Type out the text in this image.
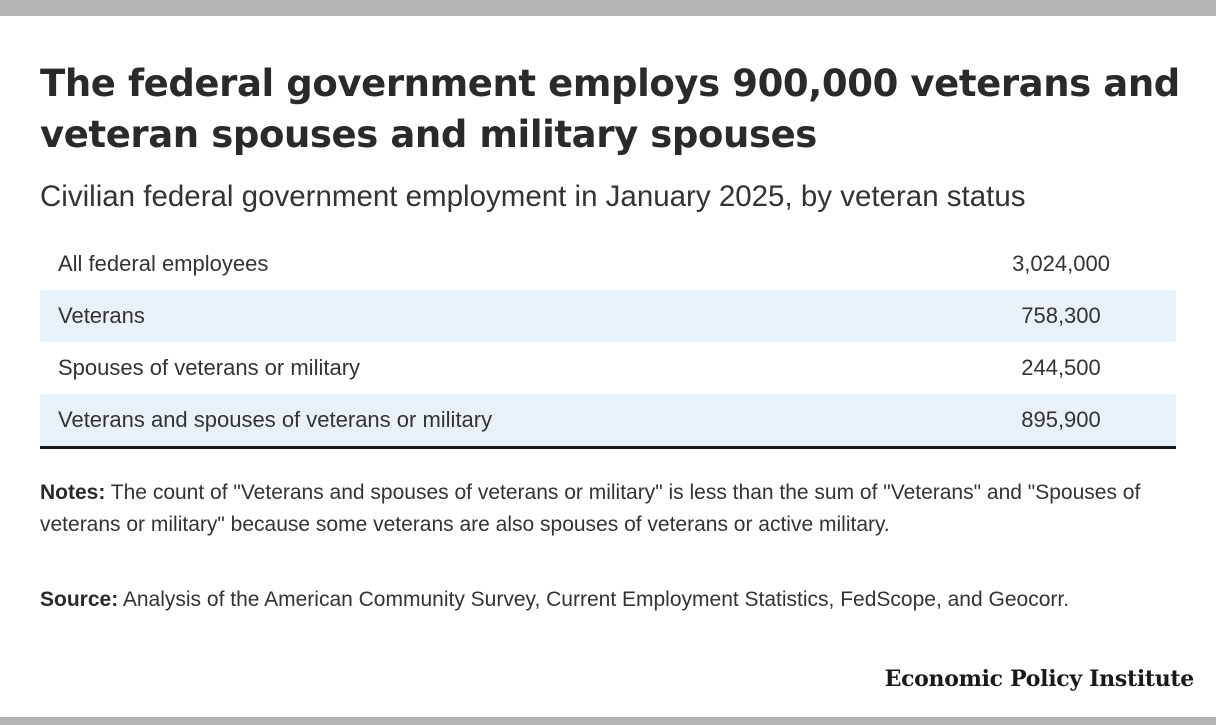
The federal government employs 900,000 veterans and veteran spouses and military spouses

Civilian federal government employment in January 2025, by veteran status

All federal employees	3,024,000
Veterans	758,300
Spouses of veterans or military	244,500
Veterans and spouses of veterans or military	895,900

Notes: The count of "Veterans and spouses of veterans or military" is less than the sum of "Veterans" and "Spouses of veterans or military" because some veterans are also spouses of veterans or active military.

Source: Analysis of the American Community Survey, Current Employment Statistics, FedScope, and Geocorr.

Economic Policy Institute
